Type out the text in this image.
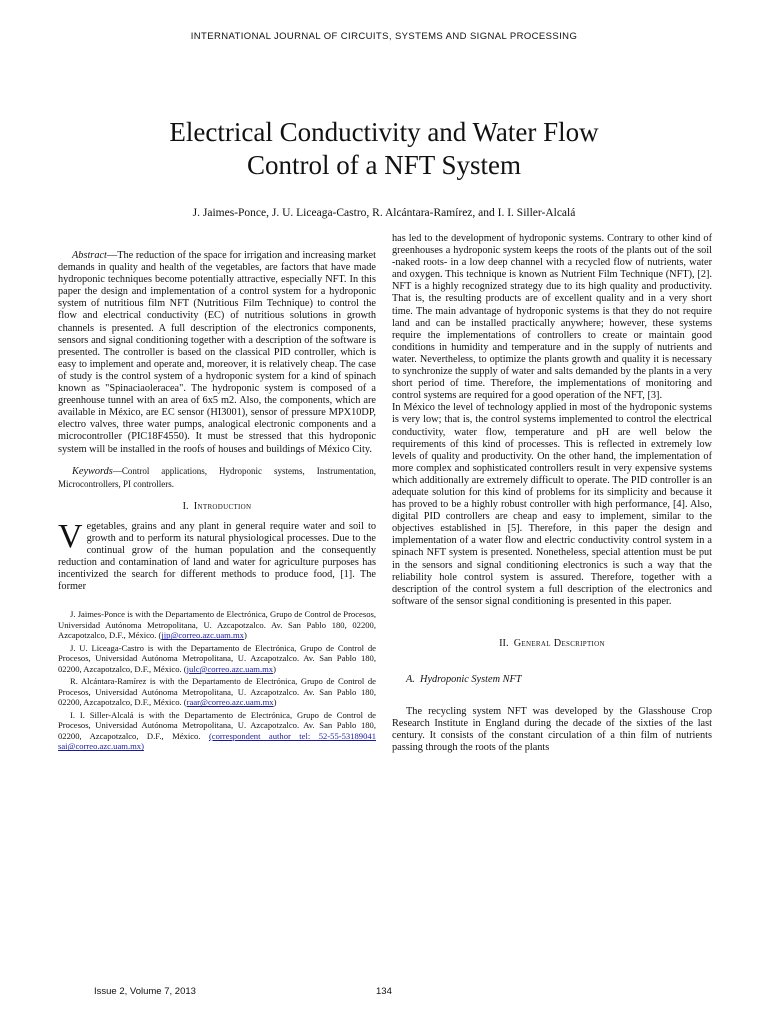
INTERNATIONAL JOURNAL OF CIRCUITS, SYSTEMS AND SIGNAL PROCESSING
Electrical Conductivity and Water Flow
Control of a NFT System
J. Jaimes-Ponce, J. U. Liceaga-Castro, R. Alcántara-Ramírez, and I. I. Siller-Alcalá

Abstract—The reduction of the space for irrigation and increasing market demands in quality and health of the vegetables, are factors that have made hydroponic techniques become potentially attractive, especially NFT. In this paper the design and implementation of a control system for a hydroponic system of nutritious film NFT (Nutritious Film Technique) to control the flow and electrical conductivity (EC) of nutritious solutions in growth channels is presented. A full description of the electronics components, sensors and signal conditioning together with a description of the software is presented. The controller is based on the classical PID controller, which is easy to implement and operate and, moreover, it is relatively cheap. The case of study is the control system of a hydroponic system for a kind of spinach known as "Spinaciaoleracea". The hydroponic system is composed of a greenhouse tunnel with an area of 6x5 m2. Also, the components, which are available in México, are EC sensor (HI3001), sensor of pressure MPX10DP, electro valves, three water pumps, analogical electronic components and a microcontroller (PIC18F4550). It must be stressed that this hydroponic system will be installed in the roofs of houses and buildings of México City.

Keywords—Control applications, Hydroponic systems, Instrumentation, Microcontrollers, PI controllers.

I. Introduction

Vegetables, grains and any plant in general require water and soil to growth and to perform its natural physiological processes. Due to the continual grow of the human population and the consequently reduction and contamination of land and water for agriculture purposes has incentivized the search for different methods to produce food, [1]. The former

J. Jaimes-Ponce is with the Departamento de Electrónica, Grupo de Control de Procesos, Universidad Autónoma Metropolitana, U. Azcapotzalco. Av. San Pablo 180, 02200, Azcapotzalco, D.F., México. (jjp@correo.azc.uam.mx)

J. U. Liceaga-Castro is with the Departamento de Electrónica, Grupo de Control de Procesos, Universidad Autónoma Metropolitana, U. Azcapotzalco. Av. San Pablo 180, 02200, Azcapotzalco, D.F., México. (julc@correo.azc.uam.mx)

R. Alcántara-Ramírez is with the Departamento de Electrónica, Grupo de Control de Procesos, Universidad Autónoma Metropolitana, U. Azcapotzalco. Av. San Pablo 180, 02200, Azcapotzalco, D.F., México. (raar@correo.azc.uam.mx)

I. I. Siller-Alcalá is with the Departamento de Electrónica, Grupo de Control de Procesos, Universidad Autónoma Metropolitana, U. Azcapotzalco. Av. San Pablo 180, 02200, Azcapotzalco, D.F., México. (correspondent author tel: 52-55-53189041 sai@correo.azc.uam.mx)

has led to the development of hydroponic systems. Contrary to other kind of greenhouses a hydroponic system keeps the roots of the plants out of the soil -naked roots- in a low deep channel with a recycled flow of nutrients, water and oxygen. This technique is known as Nutrient Film Technique (NFT), [2]. NFT is a highly recognized strategy due to its high quality and productivity. That is, the resulting products are of excellent quality and in a very short time. The main advantage of hydroponic systems is that they do not require land and can be installed practically anywhere; however, these systems require the implementations of controllers to create or maintain good conditions in humidity and temperature and in the supply of nutrients and water. Nevertheless, to optimize the plants growth and quality it is necessary to synchronize the supply of water and salts demanded by the plants in a very short period of time. Therefore, the implementations of monitoring and control systems are required for a good operation of the NFT, [3].

In México the level of technology applied in most of the hydroponic systems is very low; that is, the control systems implemented to control the electrical conductivity, water flow, temperature and pH are well below the requirements of this kind of processes. This is reflected in extremely low levels of quality and productivity. On the other hand, the implementation of more complex and sophisticated controllers result in very expensive systems which additionally are extremely difficult to operate. The PID controller is an adequate solution for this kind of problems for its simplicity and because it has proved to be a highly robust controller with high performance, [4]. Also, digital PID controllers are cheap and easy to implement, similar to the objectives established in [5]. Therefore, in this paper the design and implementation of a water flow and electric conductivity control system in a spinach NFT system is presented. Nonetheless, special attention must be put in the sensors and signal conditioning electronics is such a way that the reliability hole control system is assured. Therefore, together with a description of the control system a full description of the electronics and software of the sensor signal conditioning is presented in this paper.

II. General Description

A. Hydroponic System NFT

The recycling system NFT was developed by the Glasshouse Crop Research Institute in England during the decade of the sixties of the last century. It consists of the constant circulation of a thin film of nutrients passing through the roots of the plants

Issue 2, Volume 7, 2013	134
